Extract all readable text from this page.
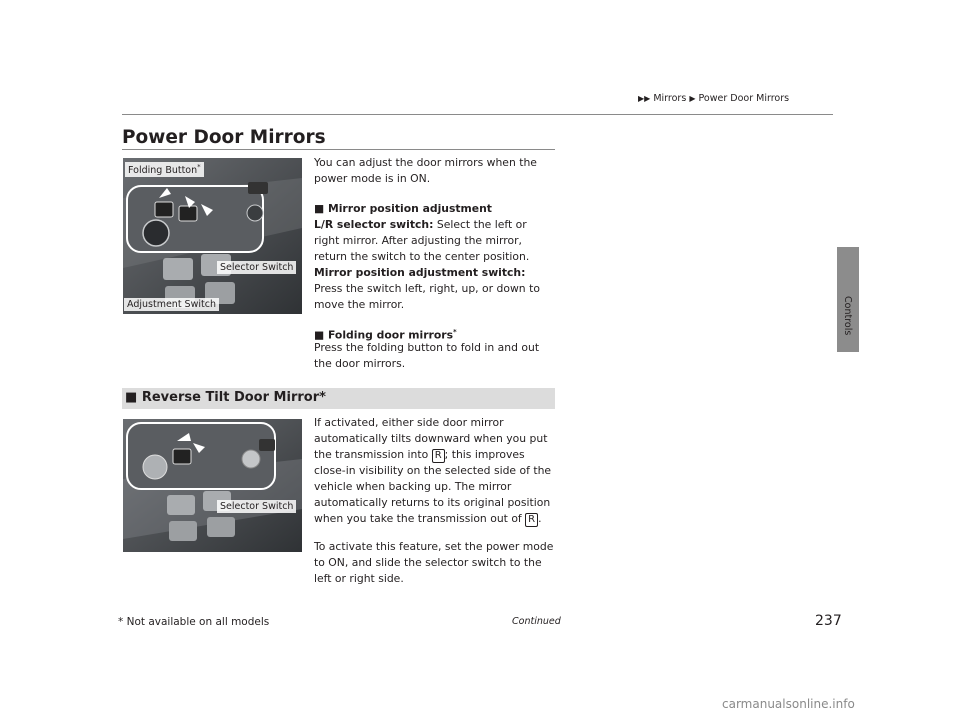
▶▶ Mirrors ▶ Power Door Mirrors
Controls
Power Door Mirrors
Folding Button*
Selector Switch
Adjustment Switch
You can adjust the door mirrors when the power mode is in ON.
■ Mirror position adjustment
L/R selector switch: Select the left or right mirror. After adjusting the mirror, return the switch to the center position.
Mirror position adjustment switch: Press the switch left, right, up, or down to move the mirror.
■ Folding door mirrors*
Press the folding button to fold in and out the door mirrors.
■ Reverse Tilt Door Mirror*
Selector Switch
If activated, either side door mirror automatically tilts downward when you put the transmission into R ; this improves close-in visibility on the selected side of the vehicle when backing up. The mirror automatically returns to its original position when you take the transmission out of R .
To activate this feature, set the power mode to ON, and slide the selector switch to the left or right side.
* Not available on all models	Continued	237
carmanualsonline.info
